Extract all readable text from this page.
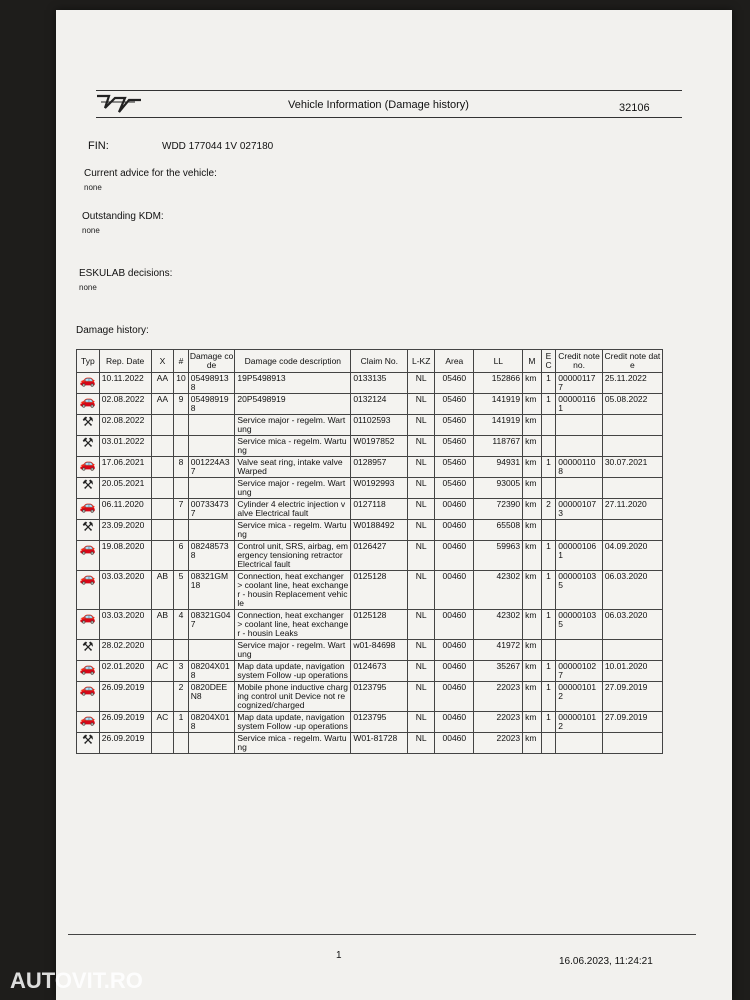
Vehicle Information (Damage history)	32106
FIN:	WDD 177044 1V 027180
Current advice for the vehicle:
none
Outstanding KDM:
none
ESKULAB decisions:
none
Damage history:
Typ	Rep. Date	X	#	Damage code	Damage code description	Claim No.	L-KZ	Area	LL	M	E C	Credit note no.	Credit note date
🚗	10.11.2022	AA	10	054989138	19P5498913	0133135	NL	05460	152866	km	1	000001177	25.11.2022
🚗	02.08.2022	AA	9	054989198	20P5498919	0132124	NL	05460	141919	km	1	000001161	05.08.2022
⚒	02.08.2022				Service major - regelm. Wartung	01102593	NL	05460	141919	km			
⚒	03.01.2022				Service mica - regelm. Wartung	W0197852	NL	05460	118767	km			
🚗	17.06.2021		8	001224A37	Valve seat ring, intake valve Warped	0128957	NL	05460	94931	km	1	000001108	30.07.2021
⚒	20.05.2021				Service major - regelm. Wartung	W0192993	NL	05460	93005	km			
🚗	06.11.2020		7	007334737	Cylinder 4 electric injection valve Electrical fault	0127118	NL	00460	72390	km	2	000001073	27.11.2020
⚒	23.09.2020				Service mica - regelm. Wartung	W0188492	NL	00460	65508	km			
🚗	19.08.2020		6	082485738	Control unit, SRS, airbag, emergency tensioning retractor Electrical fault	0126427	NL	00460	59963	km	1	000001061	04.09.2020
🚗	03.03.2020	AB	5	08321GM18	Connection, heat exchanger > coolant line, heat exchanger - housin Replacement vehicle	0125128	NL	00460	42302	km	1	000001035	06.03.2020
🚗	03.03.2020	AB	4	08321G047	Connection, heat exchanger > coolant line, heat exchanger - housin Leaks	0125128	NL	00460	42302	km	1	000001035	06.03.2020
⚒	28.02.2020				Service major - regelm. Wartung	w01-84698	NL	00460	41972	km			
🚗	02.01.2020	AC	3	08204X018	Map data update, navigation system Follow -up operations	0124673	NL	00460	35267	km	1	000001027	10.01.2020
🚗	26.09.2019		2	0820DEEN8	Mobile phone inductive charging control unit Device not recognized/charged	0123795	NL	00460	22023	km	1	000001012	27.09.2019
🚗	26.09.2019	AC	1	08204X018	Map data update, navigation system Follow -up operations	0123795	NL	00460	22023	km	1	000001012	27.09.2019
⚒	26.09.2019				Service mica - regelm. Wartung	W01-81728	NL	00460	22023	km			
1
16.06.2023, 11:24:21
AUTOVIT.RO
